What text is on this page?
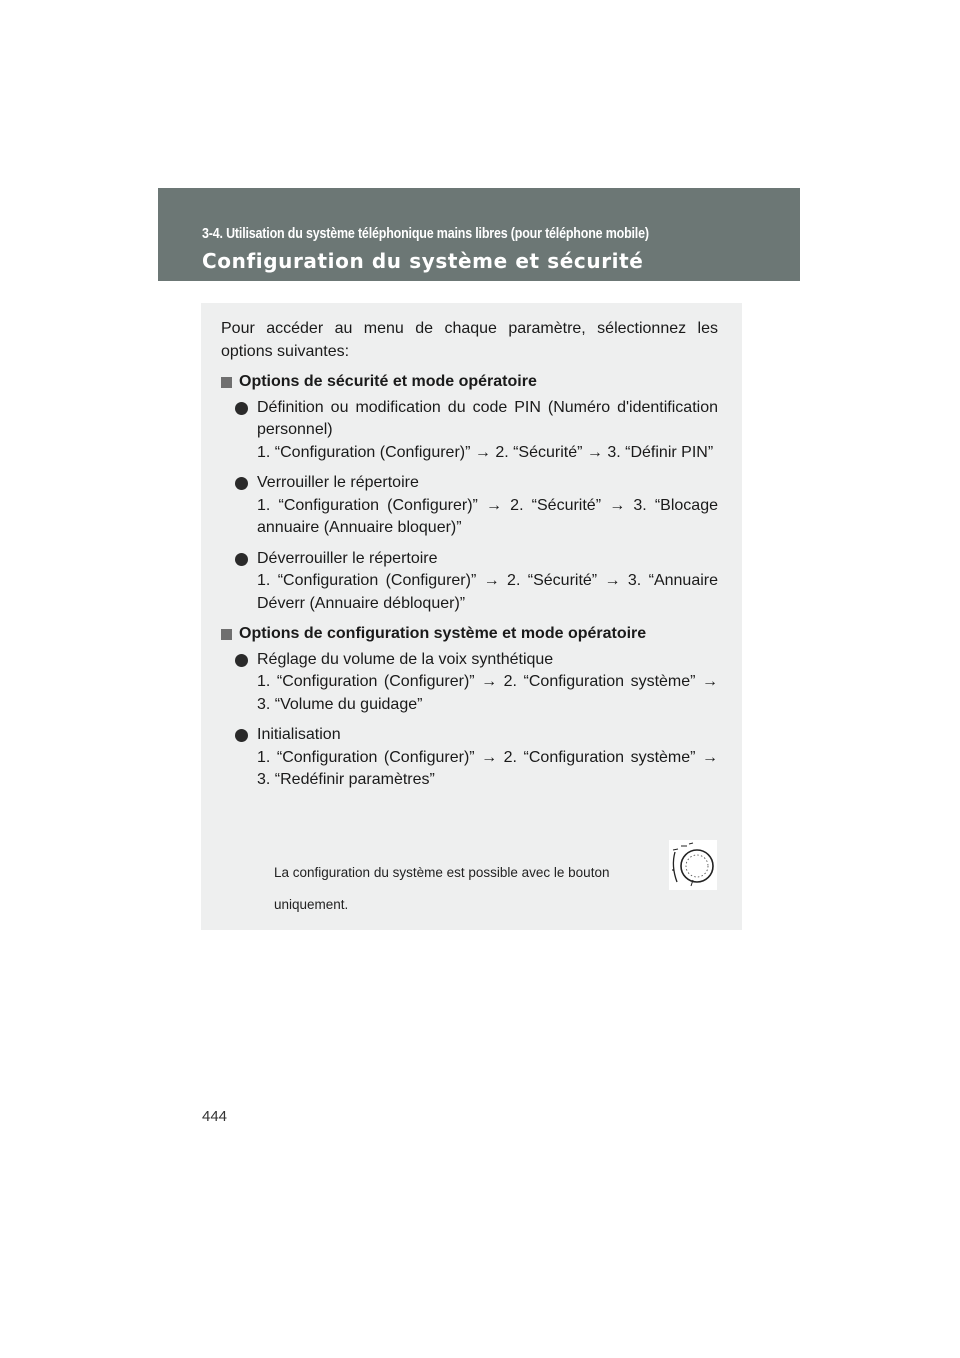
3-4. Utilisation du système téléphonique mains libres (pour téléphone mobile)
Configuration du système et sécurité
Pour accéder au menu de chaque paramètre, sélectionnez les options suivantes:
Options de sécurité et mode opératoire
Définition ou modification du code PIN (Numéro d'identification personnel)
1. “Configuration (Configurer)” → 2. “Sécurité” → 3. “Définir PIN”
Verrouiller le répertoire
1. “Configuration (Configurer)” → 2. “Sécurité” → 3. “Blocage annuaire (Annuaire bloquer)”
Déverrouiller le répertoire
1. “Configuration (Configurer)” → 2. “Sécurité” → 3. “Annuaire Déverr (Annuaire débloquer)”
Options de configuration système et mode opératoire
Réglage du volume de la voix synthétique
1. “Configuration (Configurer)” → 2. “Configuration système” → 3. “Volume du guidage”
Initialisation
1. “Configuration (Configurer)” → 2. “Configuration système” → 3. “Redéfinir paramètres”
La configuration du système est possible avec le bouton uniquement.
444
